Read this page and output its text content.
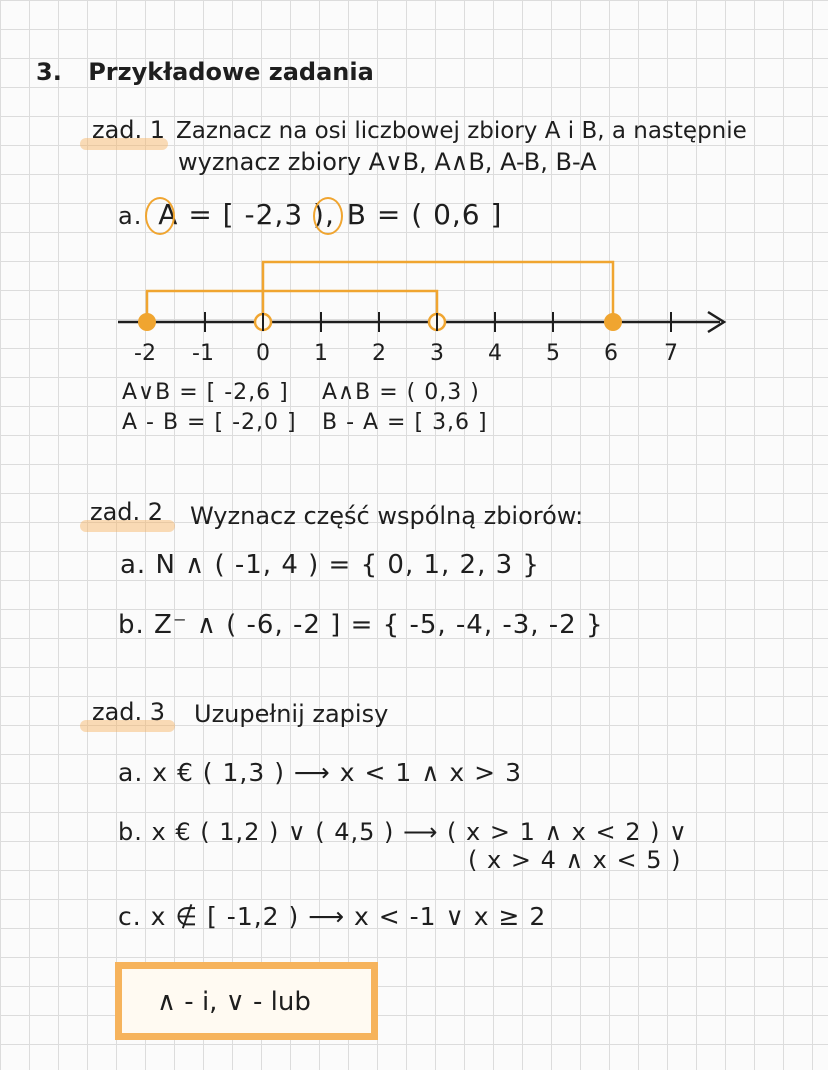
3. Przykładowe zadania
zad. 1 Zaznacz na osi liczbowej zbiory A i B, a następnie
wyznacz zbiory A∨B, A∧B, A-B, B-A
a. A = [ -2,3 ), B = ( 0,6 ]
-2 -1 0 1 2 3 4 5 6 7
A∨B = [ -2,6 ] A∧B = ( 0,3 )
A - B = [ -2,0 ] B - A = [ 3,6 ]
zad. 2 Wyznacz część wspólną zbiorów:
a. N ∧ ( -1, 4 ) = { 0, 1, 2, 3 }
b. Z⁻ ∧ ( -6, -2 ] = { -5, -4, -3, -2 }
zad. 3 Uzupełnij zapisy
a. x € ( 1,3 ) ⟶ x < 1 ∧ x > 3
b. x € ( 1,2 ) ∨ ( 4,5 ) ⟶ ( x > 1 ∧ x < 2 ) ∨
( x > 4 ∧ x < 5 )
c. x ∉ [ -1,2 ) ⟶ x < -1 ∨ x ≥ 2
∧ - i, ∨ - lub
